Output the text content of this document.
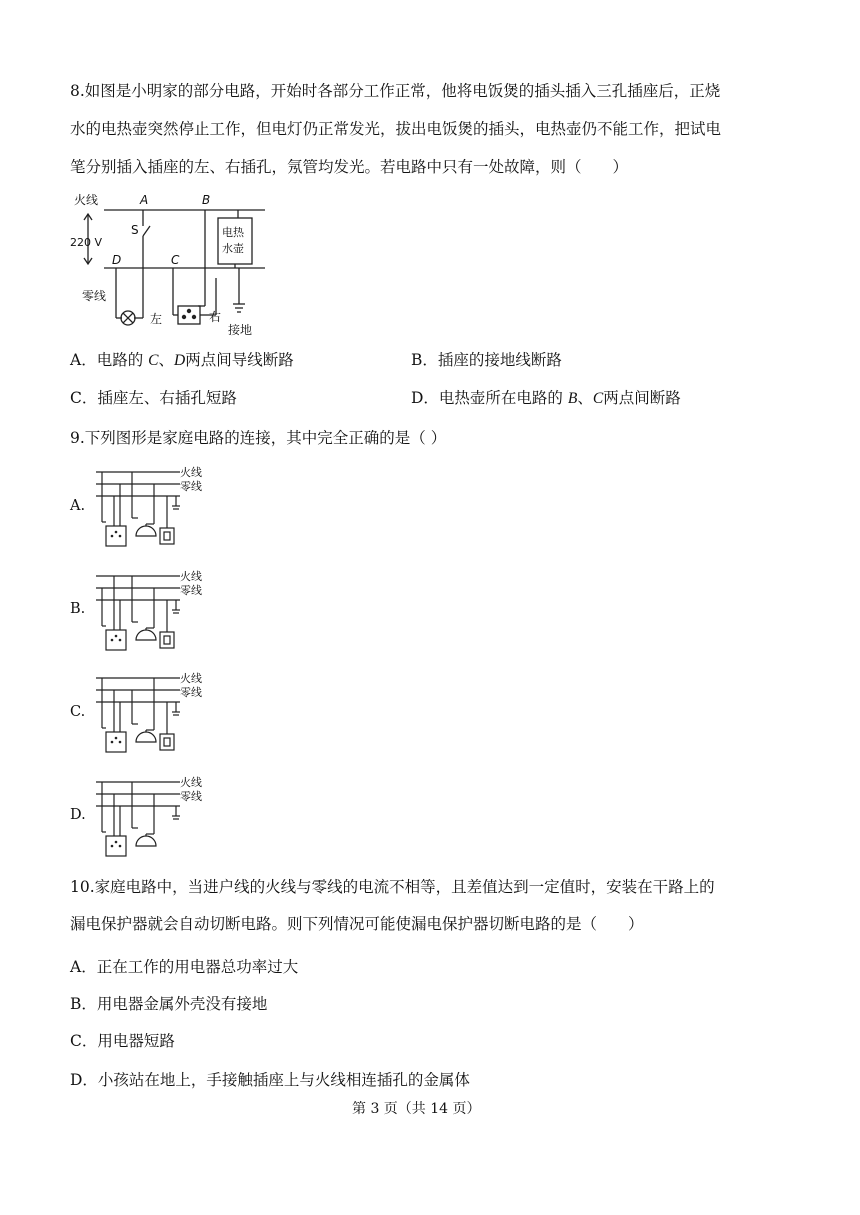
8.如图是小明家的部分电路，开始时各部分工作正常，他将电饭煲的插头插入三孔插座后，正烧
水的电热壶突然停止工作，但电灯仍正常发光，拔出电饭煲的插头，电热壶仍不能工作，把试电
笔分别插入插座的左、右插孔，氖管均发光。若电路中只有一处故障，则（　　）
火线
220 V
零线
A	B
C
D
S	电热
水壶
左	右
接地
A．电路的 C、D两点间导线断路	B．插座的接地线断路
C．插座左、右插孔短路	D．电热壶所在电路的 B、C两点间断路
9.下列图形是家庭电路的连接，其中完全正确的是（ ）
A.
B.
C.
D.
火线
零线
火线
零线
火线
零线
火线
零线
10.家庭电路中，当进户线的火线与零线的电流不相等，且差值达到一定值时，安装在干路上的
漏电保护器就会自动切断电路。则下列情况可能使漏电保护器切断电路的是（　　）
A．正在工作的用电器总功率过大
B．用电器金属外壳没有接地
C．用电器短路
D．小孩站在地上，手接触插座上与火线相连插孔的金属体
第 3 页（共 14 页）
